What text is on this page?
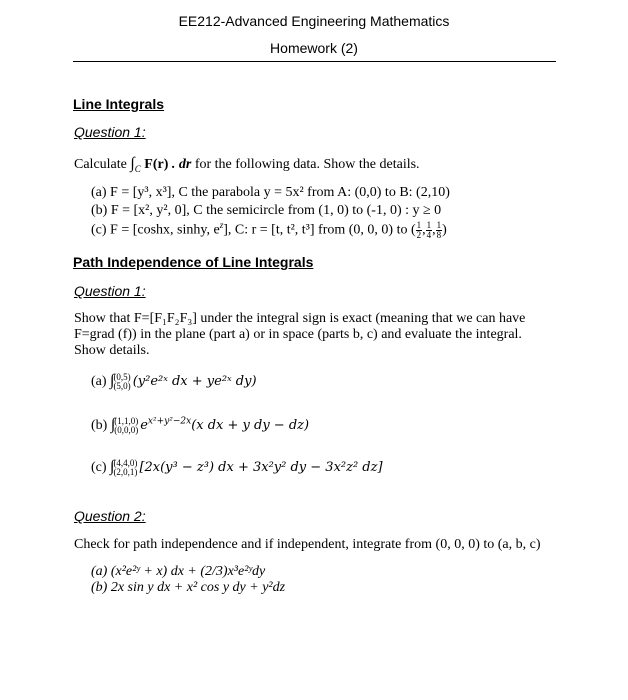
EE212-Advanced Engineering Mathematics
Homework (2)
Line Integrals
Question 1:
Calculate $\int_C$ F(r) . dr for the following data. Show the details.
(a) F = [y³, x³], C the parabola y = 5x² from A: (0,0) to B: (2,10)
(b) F = [x², y², 0], C the semicircle from (1, 0) to (-1, 0) : y ≥ 0
(c) F = [coshx, sinhy, $e^z$], C: r = [t, t², t³] from (0, 0, 0) to ( $\frac{1}{2}$ , $\frac{1}{4}$ , $\frac{1}{8}$ )
Path Independence of Line Integrals
Question 1:
Show that F=[F₁F₂F₃] under the integral sign is exact (meaning that we can have
F=grad (f)) in the plane (part a) or in space (parts b, c) and evaluate the integral.
Show details.
(a) ∫ (0,5)
(5,0) (y²e²ˣ dx + ye²ˣ dy)
(b) ∫ (1,1,0)
(0,0,0) $e^{x^2+y^2-2x}(x$ dx + y dy − dz)
(c) ∫ (4,4,0)
(2,0,1) [2x(y³ − z³) dx + 3x²y² dy − 3x²z² dz]
Question 2:
Check for path independence and if independent, integrate from (0, 0, 0) to (a, b, c)
(a) (x²e²ʸ + x) dx + (2/3)x³e²ʸdy
(b) 2x sin y dx + x² cos y dy + y²dz
